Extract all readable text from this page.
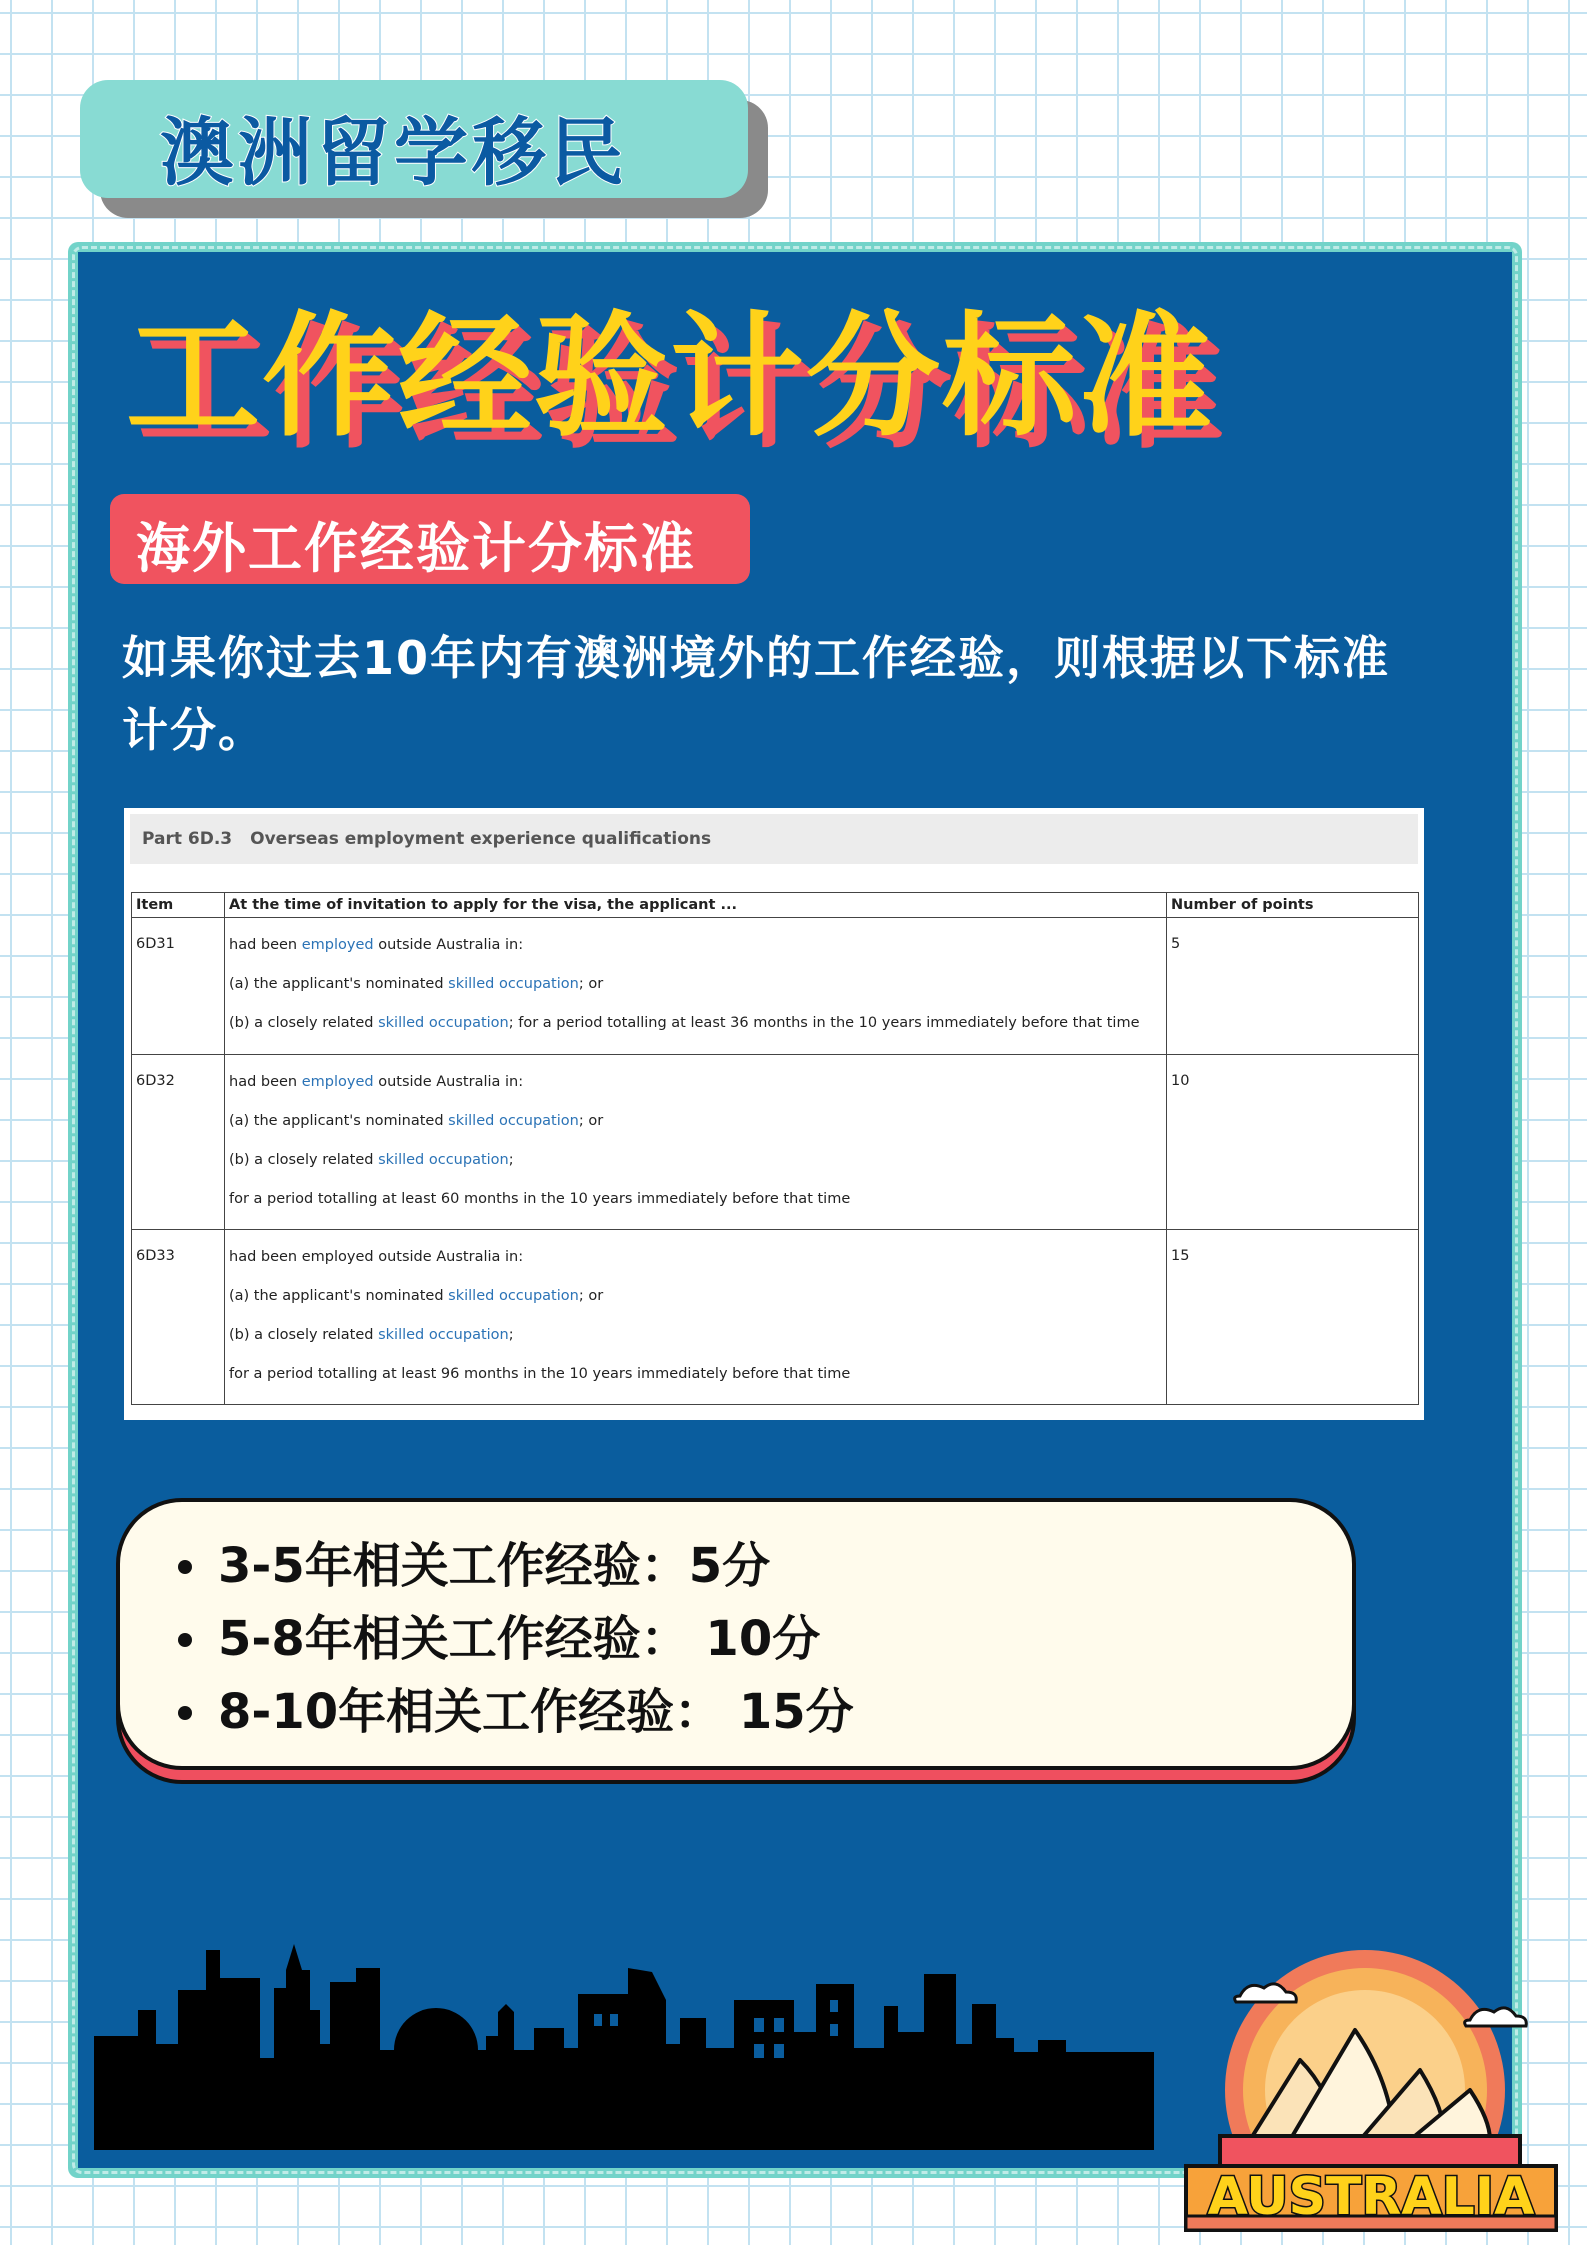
澳洲留学移民
工作经验计分标准
海外工作经验计分标准

如果你过去10年内有澳洲境外的工作经验，则根据以下标准计分。

Part 6D.3 Overseas employment experience qualifications
Item	At the time of invitation to apply for the visa, the applicant ...	Number of points
6D31	had been employed outside Australia in:
(a) the applicant's nominated skilled occupation; or
(b) a closely related skilled occupation; for a period totalling at least 36 months in the 10 years immediately before that time	5
6D32	had been employed outside Australia in:
(a) the applicant's nominated skilled occupation; or
(b) a closely related skilled occupation;
for a period totalling at least 60 months in the 10 years immediately before that time	10
6D33	had been employed outside Australia in:
(a) the applicant's nominated skilled occupation; or
(b) a closely related skilled occupation;
for a period totalling at least 96 months in the 10 years immediately before that time	15
3-5年相关工作经验：5分
5-8年相关工作经验： 10分
8-10年相关工作经验： 15分
AUSTRALIA
